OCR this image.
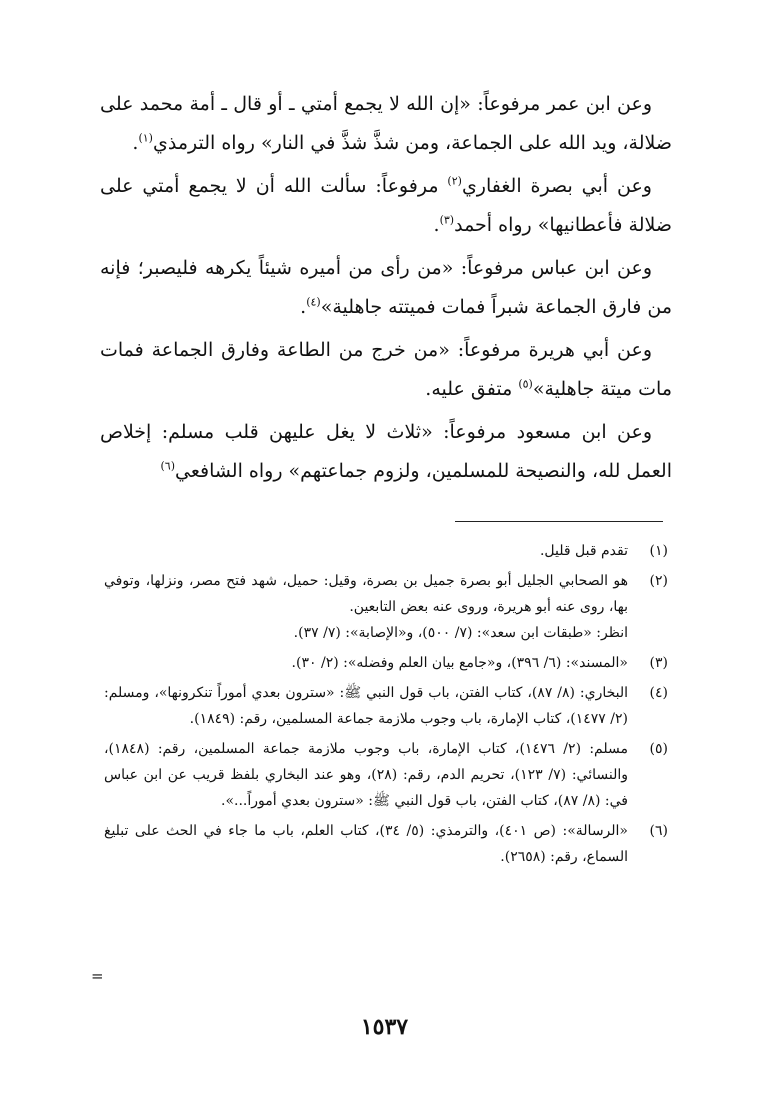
وعن ابن عمر مرفوعاً: «إن الله لا يجمع أمتي ـ أو قال ـ أمة محمد على ضلالة، ويد الله على الجماعة، ومن شذَّ شذَّ في النار» رواه الترمذي$^{(١)}$.

وعن أبي بصرة الغفاري$^{(٢)}$ مرفوعاً: سألت الله أن لا يجمع أمتي على ضلالة فأعطانيها» رواه أحمد$^{(٣)}$.

وعن ابن عباس مرفوعاً: «من رأى من أميره شيئاً يكرهه فليصبر؛ فإنه من فارق الجماعة شبراً فمات فميتته جاهلية»$^{(٤)}$.

وعن أبي هريرة مرفوعاً: «من خرج من الطاعة وفارق الجماعة فمات مات ميتة جاهلية»$^{(٥)}$ متفق عليه.

وعن ابن مسعود مرفوعاً: «ثلاث لا يغل عليهن قلب مسلم: إخلاص العمل لله، والنصيحة للمسلمين، ولزوم جماعتهم» رواه الشافعي$^{(٦)}$

(١)
تقدم قبل قليل.
(٢)
هو الصحابي الجليل أبو بصرة جميل بن بصرة، وقيل: حميل، شهد فتح مصر، ونزلها، وتوفي بها، روى عنه أبو هريرة، وروى عنه بعض التابعين.
انظر: «طبقات ابن سعد»: (٧/ ٥٠٠)، و«الإصابة»: (٧/ ٣٧).
(٣)
«المسند»: (٦/ ٣٩٦)، و«جامع بيان العلم وفضله»: (٢/ ٣٠).
(٤)
البخاري: (٨/ ٨٧)، كتاب الفتن، باب قول النبي ﷺ: «سترون بعدي أموراً تنكرونها»، ومسلم: (٢/ ١٤٧٧)، كتاب الإمارة، باب وجوب ملازمة جماعة المسلمين، رقم: (١٨٤٩).
(٥)
مسلم: (٢/ ١٤٧٦)، كتاب الإمارة، باب وجوب ملازمة جماعة المسلمين، رقم: (١٨٤٨)، والنسائي: (٧/ ١٢٣)، تحريم الدم، رقم: (٢٨)، وهو عند البخاري بلفظ قريب عن ابن عباس في: (٨/ ٨٧)، كتاب الفتن، باب قول النبي ﷺ: «سترون بعدي أموراً...».
(٦)
«الرسالة»: (ص ٤٠١)، والترمذي: (٥/ ٣٤)، كتاب العلم، باب ما جاء في الحث على تبليغ السماع، رقم: (٢٦٥٨).
=
١٥٣٧
